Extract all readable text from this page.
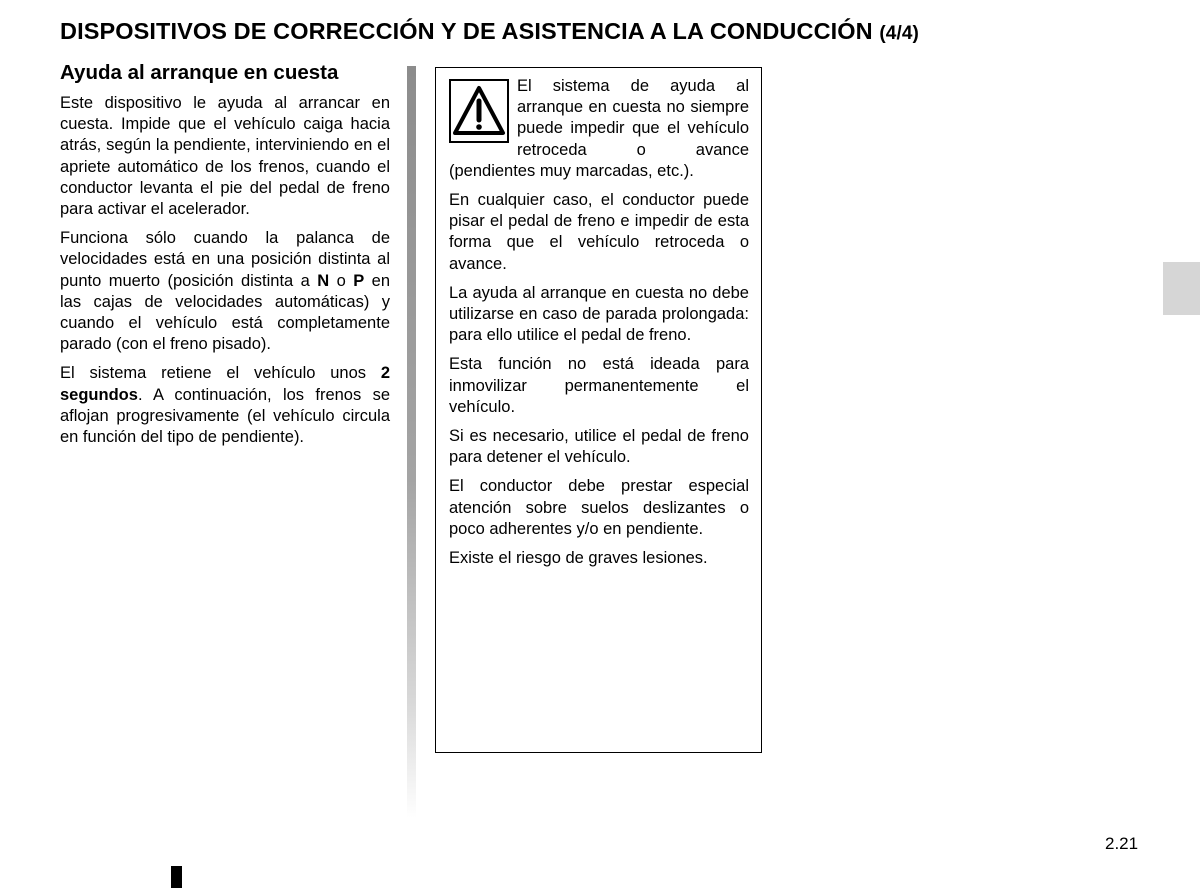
DISPOSITIVOS DE CORRECCIÓN Y DE ASISTENCIA A LA CONDUCCIÓN (4/4)
Ayuda al arranque en cuesta

Este dispositivo le ayuda al arrancar en cuesta. Impide que el vehículo caiga hacia atrás, según la pendiente, interviniendo en el apriete automático de los frenos, cuando el conductor levanta el pie del pedal de freno para activar el acelerador.

Funciona sólo cuando la palanca de velocidades está en una posición distinta al punto muerto (posición distinta a N o P en las cajas de velocidades automáticas) y cuando el vehículo está completamente parado (con el freno pisado).

El sistema retiene el vehículo unos 2 segundos. A continuación, los frenos se aflojan progresivamente (el vehículo circula en función del tipo de pendiente).

El sistema de ayuda al arranque en cuesta no siempre puede impedir que el vehículo retroceda o avance (pendientes muy marcadas, etc.).

En cualquier caso, el conductor puede pisar el pedal de freno e impedir de esta forma que el vehículo retroceda o avance.

La ayuda al arranque en cuesta no debe utilizarse en caso de parada prolongada: para ello utilice el pedal de freno.

Esta función no está ideada para inmovilizar permanentemente el vehículo.

Si es necesario, utilice el pedal de freno para detener el vehículo.

El conductor debe prestar especial atención sobre suelos deslizantes o poco adherentes y/o en pendiente.

Existe el riesgo de graves lesiones.

2.21
